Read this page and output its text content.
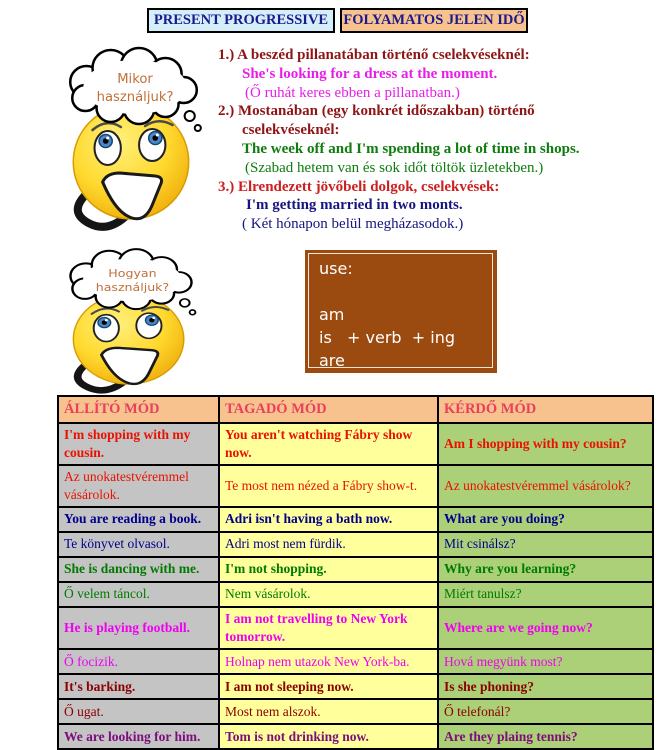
PRESENT PROGRESSIVE	FOLYAMATOS JELEN IDŐ
Mikor
használjuk?
1.) A beszéd pillanatában történő cselekvéseknél:
She's looking for a dress at the moment.
(Ő ruhát keres ebben a pillanatban.)
2.) Mostanában (egy konkrét időszakban) történő
cselekvéseknél:
The week off and I'm spending a lot of time in shops.
(Szabad hetem van és sok időt töltök üzletekben.)
3.) Elrendezett jövőbeli dolgok, cselekvések:
I'm getting married in two monts.
( Két hónapon belül megházasodok.)
Hogyan
használjuk?
use:

am
is   + verb  + ing
are
ÁLLÍTÓ MÓD	TAGADÓ MÓD	KÉRDŐ MÓD
I'm shopping with my cousin.	You aren't watching Fábry show now.	Am I shopping with my cousin?
Az unokatestvéremmel vásárolok.	Te most nem nézed a Fábry show-t.	Az unokatestvéremmel vásárolok?
You are reading a book.	Adri isn't having a bath now.	What are you doing?
Te könyvet olvasol.	Adri most nem fürdik.	Mit csinálsz?
She is dancing with me.	I'm not shopping.	Why are you learning?
Ő velem táncol.	Nem vásárolok.	Miért tanulsz?
He is playing football.	I am not travelling to New York tomorrow.	Where are we going now?
Ő focizik.	Holnap nem utazok New York-ba.	Hová megyünk most?
It's barking.	I am not sleeping now.	Is she phoning?
Ő ugat.	Most nem alszok.	Ő telefonál?
We are looking for him.	Tom is not drinking now.	Are they plaing tennis?
